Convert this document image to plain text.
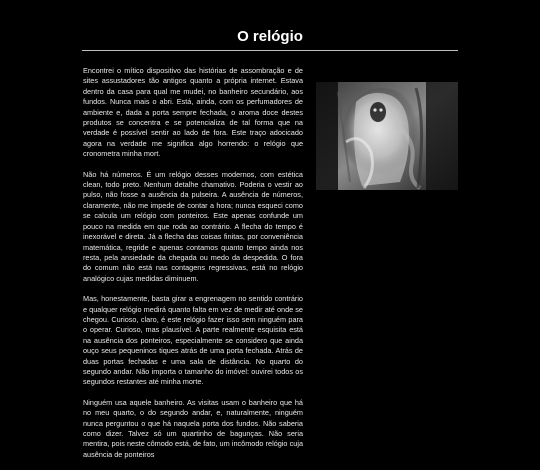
O relógio

Encontrei o mítico dispositivo das histórias de assombração e de sites assustadores tão antigos quanto a própria internet. Estava dentro da casa para qual me mudei, no banheiro secundário, aos fundos. Nunca mais o abri. Está, ainda, com os perfumadores de ambiente e, dada a porta sempre fechada, o aroma doce destes produtos se concentra e se potencializa de tal forma que na verdade é possível sentir ao lado de fora. Este traço adocicado agora na verdade me significa algo horrendo: o relógio que cronometra minha mort.

Não há números. É um relógio desses modernos, com estética clean, todo preto. Nenhum detalhe chamativo. Poderia o vestir ao pulso, não fosse a ausência da pulseira. A ausência de números, claramente, não me impede de contar a hora; nunca esqueci como se calcula um relógio com ponteiros. Este apenas confunde um pouco na medida em que roda ao contrário. A flecha do tempo é inexorável e direta. Já a flecha das coisas finitas, por conveniência matemática, regride e apenas contamos quanto tempo ainda nos resta, pela ansiedade da chegada ou medo da despedida. O fora do comum não está nas contagens regressivas, está no relógio analógico cujas medidas diminuem.

Mas, honestamente, basta girar a engrenagem no sentido contrário e qualquer relógio medirá quanto falta em vez de medir até onde se chegou. Curioso, claro, é este relógio fazer isso sem ninguém para o operar. Curioso, mas plausível. A parte realmente esquisita está na ausência dos ponteiros, especialmente se considero que ainda ouço seus pequeninos tiques atrás de uma porta fechada. Atrás de duas portas fechadas e uma sala de distância. No quarto do segundo andar. Não importa o tamanho do imóvel: ouvirei todos os segundos restantes até minha morte.

Ninguém usa aquele banheiro. As visitas usam o banheiro que há no meu quarto, o do segundo andar, e, naturalmente, ninguém nunca perguntou o que há naquela porta dos fundos. Não saberia como dizer. Talvez só um quartinho de bagunças. Não seria mentira, pois neste cômodo está, de fato, um incômodo relógio cuja ausência de ponteiros
